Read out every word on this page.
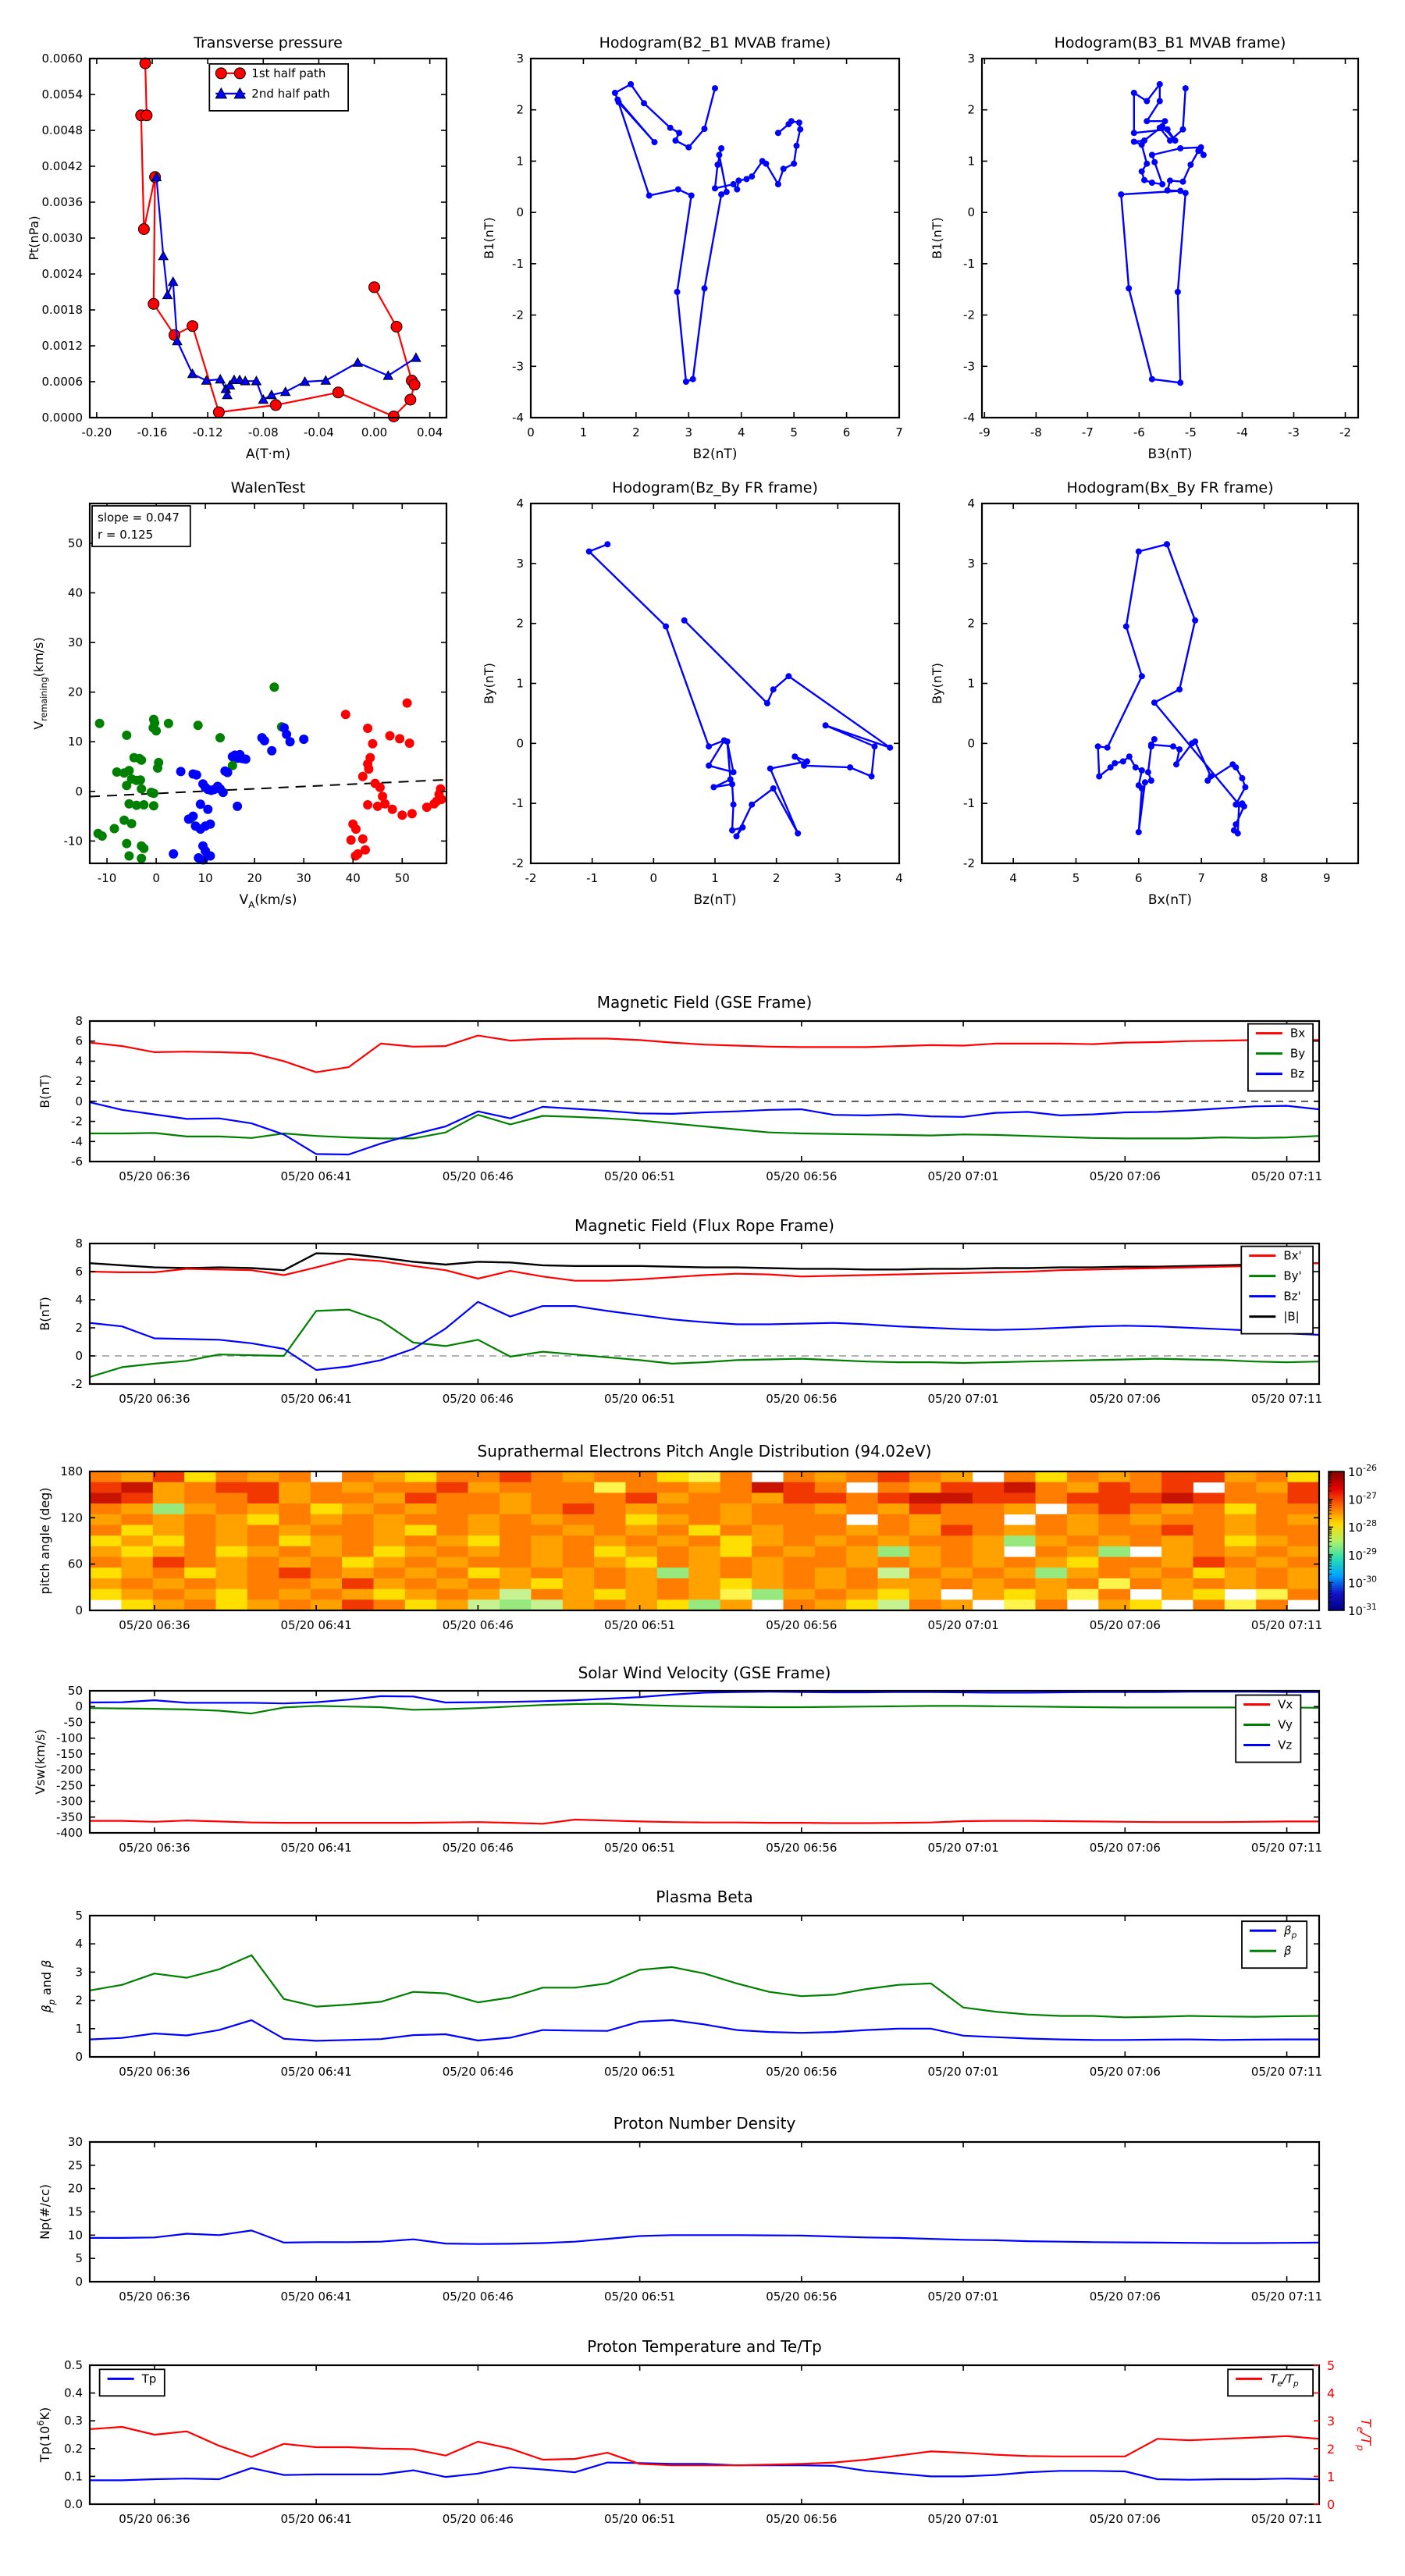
Transverse pressure
-0.20 -0.16 -0.12 -0.08 -0.04 0.00	0.04
0.0000
0.0006
0.0012
0.0018
0.0024
0.0030
0.0036
0.0042
0.0048
0.0054
0.0060
A(T·m)
Pt(nPa)
1st half path
2nd half path
Hodogram(B2_B1 MVAB frame)
0	1	2	3	4	5	6	7
-4
-3
-2
-1
0
1
2
3
B2(nT)
B1(nT)
Hodogram(B3_B1 MVAB frame)
-9	-8	-7	-6	-5	-4	-3	-2
-4
-3
-2
-1
0
1
2
3
B3(nT)
B1(nT)
WalenTest
-10	0	10	20	30	40	50
-10
0
10
20
30
40
50
$V_A(km/s)$
$V_{remaining}(km/s)$
slope = 0.047
r = 0.125
Hodogram(Bz_By FR frame)
-2	-1	0	1	2	3	4
-2
-1
0
1
2
3
4
Bz(nT)
By(nT)
Hodogram(Bx_By FR frame)
4	5	6	7	8	9
-2
-1
0
1
2
3
4
Bx(nT)
By(nT)
Magnetic Field (GSE Frame)
05/20 06:36	05/20 06:41	05/20 06:46	05/20 06:51	05/20 06:56	05/20 07:01	05/20 07:06	05/20 07:11
-6
-4
-2
0
2
4
6
8
B(nT)
Bx
By
Bz
Magnetic Field (Flux Rope Frame)
05/20 06:36	05/20 06:41	05/20 06:46	05/20 06:51	05/20 06:56	05/20 07:01	05/20 07:06	05/20 07:11
-2
0
2
4
6
8
B(nT)
Bx'
By'
Bz'
|B|
Suprathermal Electrons Pitch Angle Distribution (94.02eV)
05/20 06:36	05/20 06:41	05/20 06:46	05/20 06:51	05/20 06:56	05/20 07:01	05/20 07:06	05/20 07:11
0
60
120
180
pitch angle (deg)
$10^{-26}$
$10^{-27}$
$10^{-28}$
$10^{-29}$
$10^{-30}$
$10^{-31}$
Solar Wind Velocity (GSE Frame)
05/20 06:36	05/20 06:41	05/20 06:46	05/20 06:51	05/20 06:56	05/20 07:01	05/20 07:06	05/20 07:11
50
0
-50
-100
-150
-200
-250
-300
-350
-400
Vsw(km/s)
Vx
Vy
Vz
Plasma Beta
05/20 06:36	05/20 06:41	05/20 06:46	05/20 06:51	05/20 06:56	05/20 07:01	05/20 07:06	05/20 07:11
0
1
2
3
4
5
$\beta_p$ and β
$\beta_p$
β
Proton Number Density
05/20 06:36	05/20 06:41	05/20 06:46	05/20 06:51	05/20 06:56	05/20 07:01	05/20 07:06	05/20 07:11
0
5
10
15
20
25
30
Np(#/cc)
Proton Temperature and Te/Tp
05/20 06:36	05/20 06:41	05/20 06:46	05/20 06:51	05/20 06:56	05/20 07:01	05/20 07:06	05/20 07:11
0.0
0.1
0.2
0.3
0.4
0.5
0
1
2
3
4
5
$T_e/T_p$
$Tp(10^6K)$
Tp	$T_e/T_p$
